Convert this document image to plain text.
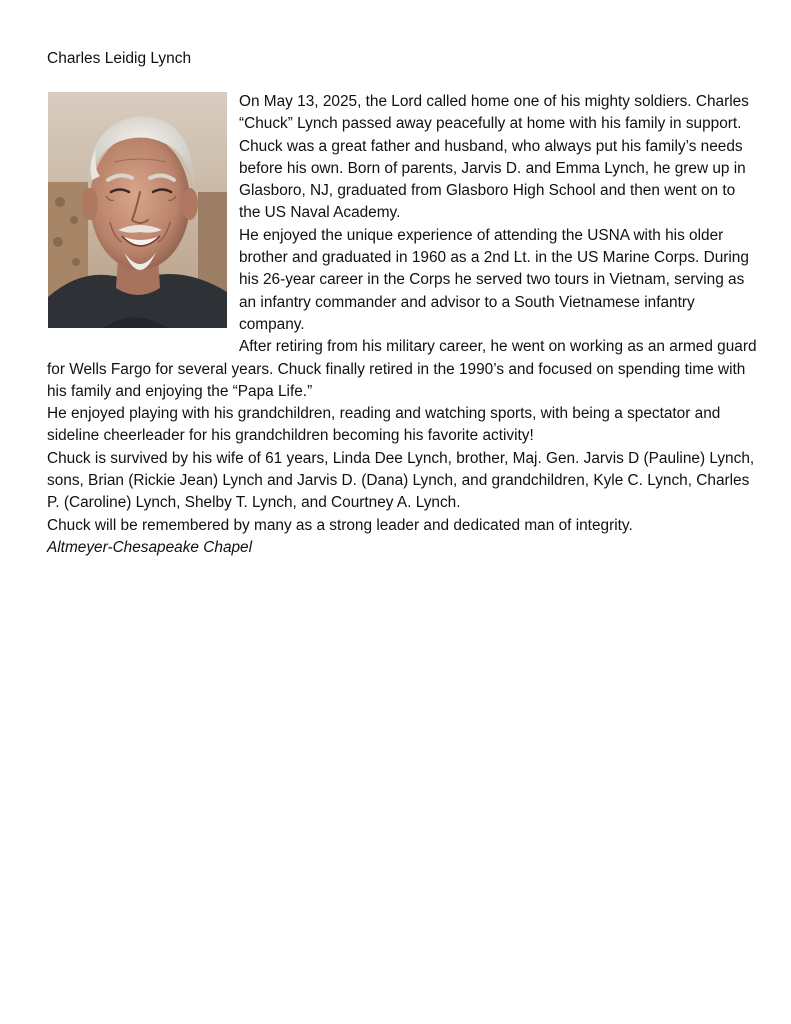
Charles Leidig Lynch

On May 13, 2025, the Lord called home one of his mighty soldiers. Charles “Chuck” Lynch passed away peacefully at home with his family in support.

Chuck was a great father and husband, who always put his family’s needs before his own. Born of parents, Jarvis D. and Emma Lynch, he grew up in Glasboro, NJ, graduated from Glasboro High School and then went on to the US Naval Academy.

He enjoyed the unique experience of attending the USNA with his older brother and graduated in 1960 as a 2nd Lt. in the US Marine Corps. During his 26-year career in the Corps he served two tours in Vietnam, serving as an infantry commander and advisor to a South Vietnamese infantry company.

After retiring from his military career, he went on working as an armed guard for Wells Fargo for several years. Chuck finally retired in the 1990’s and focused on spending time with his family and enjoying the “Papa Life.”

He enjoyed playing with his grandchildren, reading and watching sports, with being a spectator and sideline cheerleader for his grandchildren becoming his favorite activity!

Chuck is survived by his wife of 61 years, Linda Dee Lynch, brother, Maj. Gen. Jarvis D (Pauline) Lynch, sons, Brian (Rickie Jean) Lynch and Jarvis D. (Dana) Lynch, and grandchildren, Kyle C. Lynch, Charles P. (Caroline) Lynch, Shelby T. Lynch, and Courtney A. Lynch.

Chuck will be remembered by many as a strong leader and dedicated man of integrity.

Altmeyer-Chesapeake Chapel
